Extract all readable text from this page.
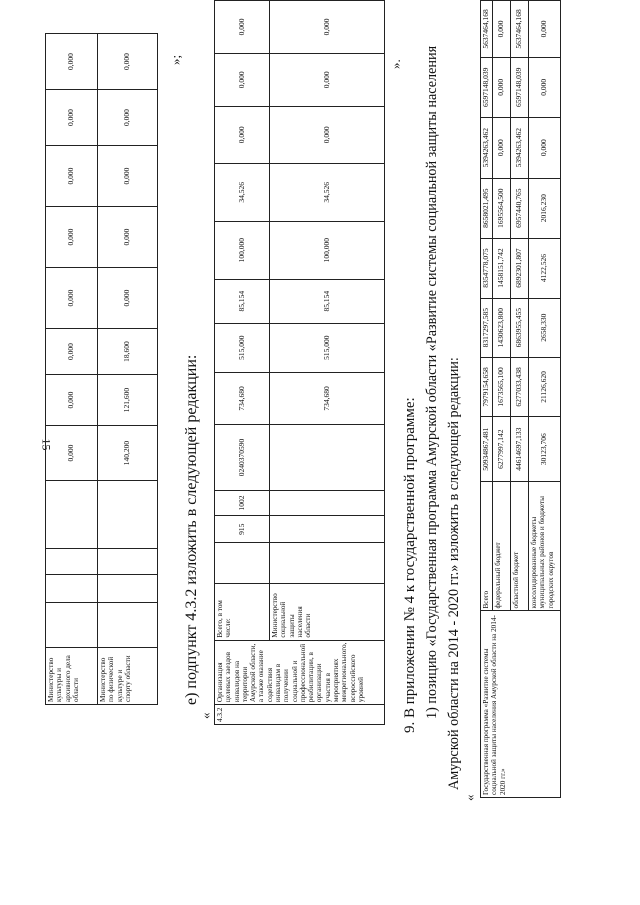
15
Министерство культуры и архивного дела области					0,000	0,000	0,000	0,000	0,000	0,000	0,000	0,000
Министерство по физической культуре и спорту области					140,200	121,600	18,600	0,000	0,000	0,000	0,000	0,000	»;
е) подпункт 4.3.2 изложить в следующей редакции:
« 4.3.2	Организация целевых заездов инвалидов на территории Амурской области, а также оказание содействия инвалидам в получении социальной и профессиональной реабилитации, в организации участия в мероприятиях межрегионального, всероссийского уровней	Всего, в том числе:		915	1002	0240370590	734,680	515,000	85,154	100,000	34,526	0,000	0,000	0,000
		Министерство социальной защиты населения области					734,680	515,000	85,154	100,000	34,526	0,000	0,000	0,000
».
9. В приложении № 4 к государственной программе: 1) позицию «Государственная программа Амурской области «Развитие системы социальной защиты населения Амурской области на 2014 - 2020 гг.» изложить в следующей редакции:
«
Государственная программа «Развитие системы социальной защиты населения Амурской области на 2014-2020 гг.»	Всего	50934867,481	7979154,658	8317297,585	8354778,075	8658021,495	5394263,462	6597148,039	5637464,168
	федеральный бюджет	6277997,142	1673565,100	1430623,800	1458151,742	1695564,500	0,000	0,000	0,000
	областной бюджет	44614697,133	6277033,438	6863955,455	6892301,807	6957440,765	5394263,462	6597148,039	5637464,168
	консолидированные бюджеты муниципальных районов и бюджеты городских округов	30123,706	21126,620	2658,330	4122,526	2016,230	0,000	0,000	0,000
